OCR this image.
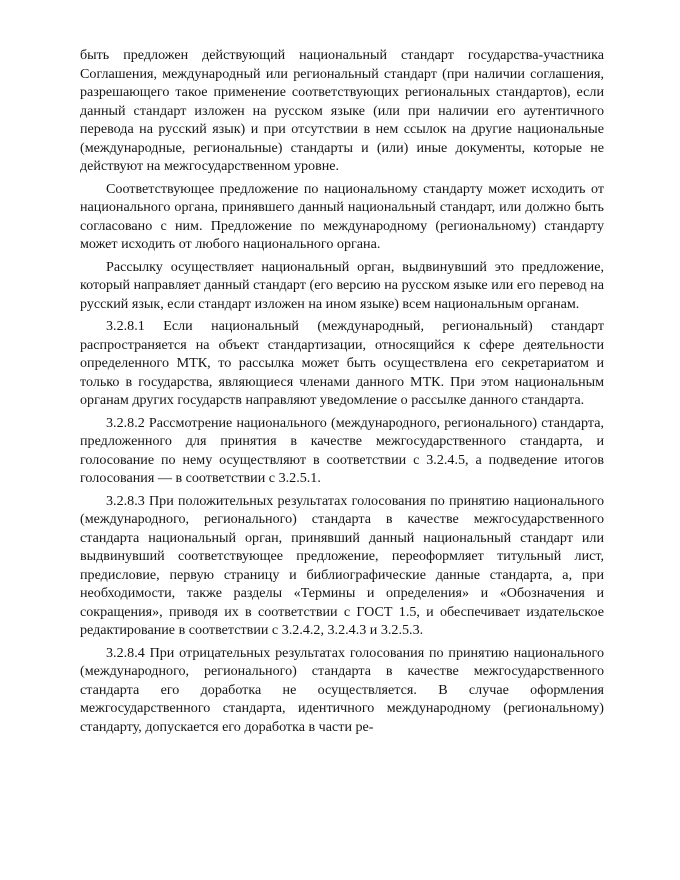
быть предложен действующий национальный стандарт государства-участника Соглашения, международный или региональный стандарт (при наличии соглашения, разрешающего такое применение соответствующих региональных стандартов), если данный стандарт изложен на русском языке (или при наличии его аутентичного перевода на русский язык) и при отсутствии в нем ссылок на другие национальные (международные, региональные) стандарты и (или) иные документы, которые не действуют на межгосударственном уровне.

Соответствующее предложение по национальному стандарту может исходить от национального органа, принявшего данный национальный стандарт, или должно быть согласовано с ним. Предложение по международному (региональному) стандарту может исходить от любого национального органа.

Рассылку осуществляет национальный орган, выдвинувший это предложение, который направляет данный стандарт (его версию на русском языке или его перевод на русский язык, если стандарт изложен на ином языке) всем национальным органам.

3.2.8.1 Если национальный (международный, региональный) стандарт распространяется на объект стандартизации, относящийся к сфере деятельности определенного МТК, то рассылка может быть осуществлена его секретариатом и только в государства, являющиеся членами данного МТК. При этом национальным органам других государств направляют уведомление о рассылке данного стандарта.

3.2.8.2 Рассмотрение национального (международного, регионального) стандарта, предложенного для принятия в качестве межгосударственного стандарта, и голосование по нему осуществляют в соответствии с 3.2.4.5, а подведение итогов голосования — в соответствии с 3.2.5.1.

3.2.8.3 При положительных результатах голосования по принятию национального (международного, регионального) стандарта в качестве межгосударственного стандарта национальный орган, принявший данный национальный стандарт или выдвинувший соответствующее предложение, переоформляет титульный лист, предисловие, первую страницу и библиографические данные стандарта, а, при необходимости, также разделы «Термины и определения» и «Обозначения и сокращения», приводя их в соответствии с ГОСТ 1.5, и обеспечивает издательское редактирование в соответствии с 3.2.4.2, 3.2.4.3 и 3.2.5.3.

3.2.8.4 При отрицательных результатах голосования по принятию национального (международного, регионального) стандарта в качестве межгосударственного стандарта его доработка не осуществляется. В случае оформления межгосударственного стандарта, идентичного международному (региональному) стандарту, допускается его доработка в части ре-
